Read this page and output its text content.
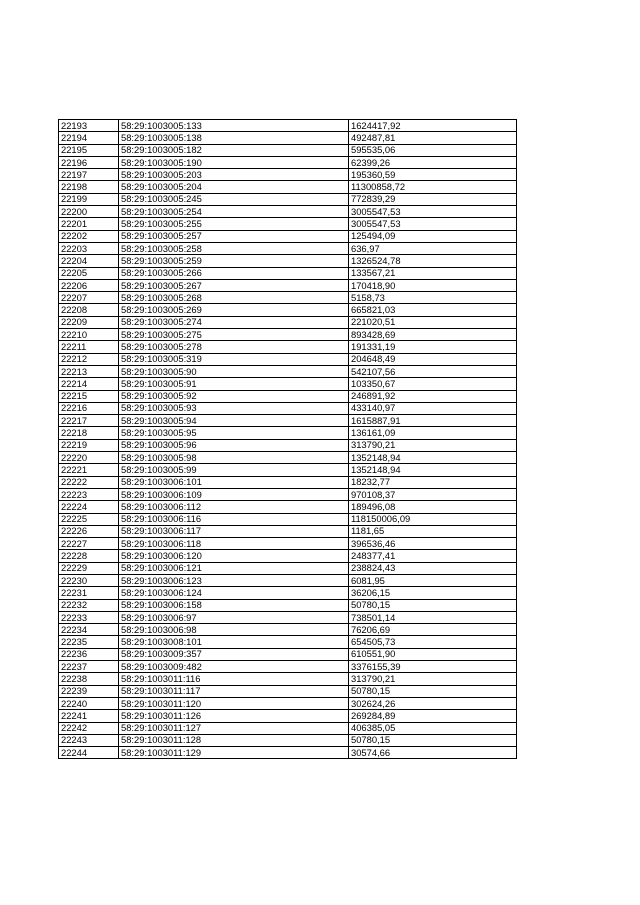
22193	58:29:1003005:133	1624417,92
22194	58:29:1003005:138	492487,81
22195	58:29:1003005:182	595535,06
22196	58:29:1003005:190	62399,26
22197	58:29:1003005:203	195360,59
22198	58:29:1003005:204	11300858,72
22199	58:29:1003005:245	772839,29
22200	58:29:1003005:254	3005547,53
22201	58:29:1003005:255	3005547,53
22202	58:29:1003005:257	125494,09
22203	58:29:1003005:258	636,97
22204	58:29:1003005:259	1326524,78
22205	58:29:1003005:266	133567,21
22206	58:29:1003005:267	170418,90
22207	58:29:1003005:268	5158,73
22208	58:29:1003005:269	665821,03
22209	58:29:1003005:274	221020,51
22210	58:29:1003005:275	893428,69
22211	58:29:1003005:278	191331,19
22212	58:29:1003005:319	204648,49
22213	58:29:1003005:90	542107,56
22214	58:29:1003005:91	103350,67
22215	58:29:1003005:92	246891,92
22216	58:29:1003005:93	433140,97
22217	58:29:1003005:94	1615887,91
22218	58:29:1003005:95	136161,09
22219	58:29:1003005:96	313790,21
22220	58:29:1003005:98	1352148,94
22221	58:29:1003005:99	1352148,94
22222	58:29:1003006:101	18232,77
22223	58:29:1003006:109	970108,37
22224	58:29:1003006:112	189496,08
22225	58:29:1003006:116	118150006,09
22226	58:29:1003006:117	1181,65
22227	58:29:1003006:118	396536,46
22228	58:29:1003006:120	248377,41
22229	58:29:1003006:121	238824,43
22230	58:29:1003006:123	6081,95
22231	58:29:1003006:124	36206,15
22232	58:29:1003006:158	50780,15
22233	58:29:1003006:97	738501,14
22234	58:29:1003006:98	76206,69
22235	58:29:1003008:101	654505,73
22236	58:29:1003009:357	610551,90
22237	58:29:1003009:482	3376155,39
22238	58:29:1003011:116	313790,21
22239	58:29:1003011:117	50780,15
22240	58:29:1003011:120	302624,26
22241	58:29:1003011:126	269284,89
22242	58:29:1003011:127	406385,05
22243	58:29:1003011:128	50780,15
22244	58:29:1003011:129	30574,66
